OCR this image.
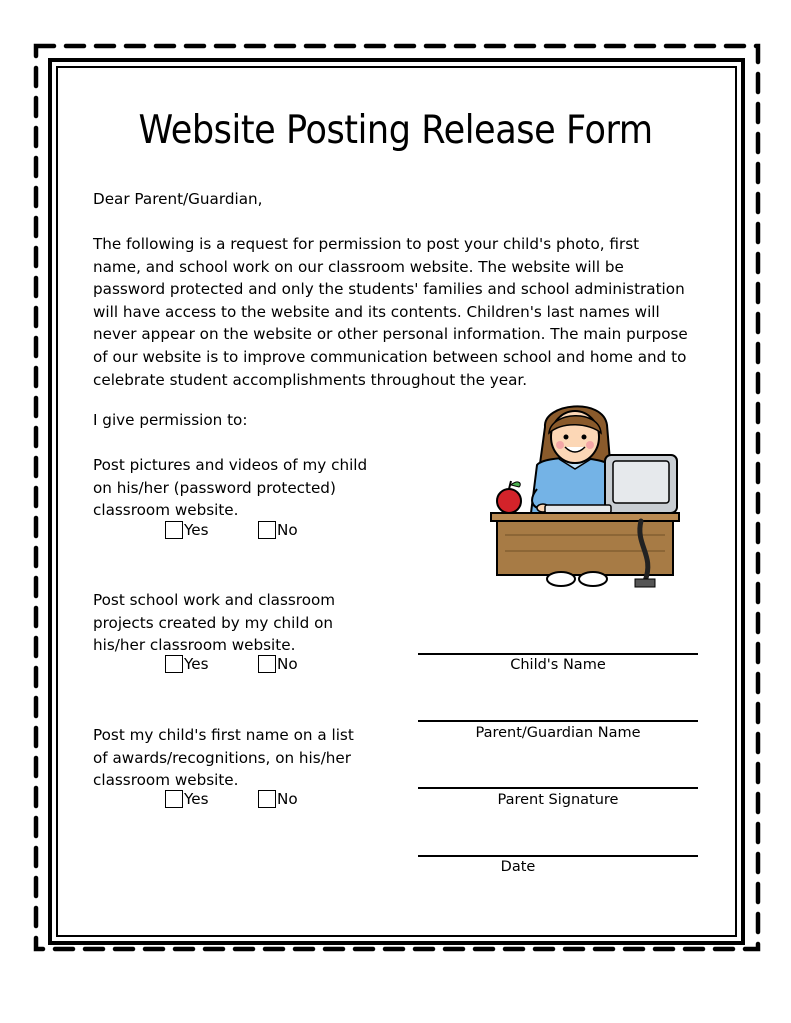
Website Posting Release Form
Dear Parent/Guardian,
The following is a request for permission to post your child's photo, first
name, and school work on our classroom website. The website will be
password protected and only the students' families and school administration
will have access to the website and its contents. Children's last names will
never appear on the website or other personal information. The main purpose
of our website is to improve communication between school and home and to
celebrate student accomplishments throughout the year.
I give permission to:
Post pictures and videos of my child
on his/her (password protected)
classroom website.
Yes	No
Post school work and classroom
projects created by my child on
his/her classroom website.
Yes	No
Post my child's first name on a list
of awards/recognitions, on his/her
classroom website.
Yes	No
Child's Name
Parent/Guardian Name
Parent Signature
Date
